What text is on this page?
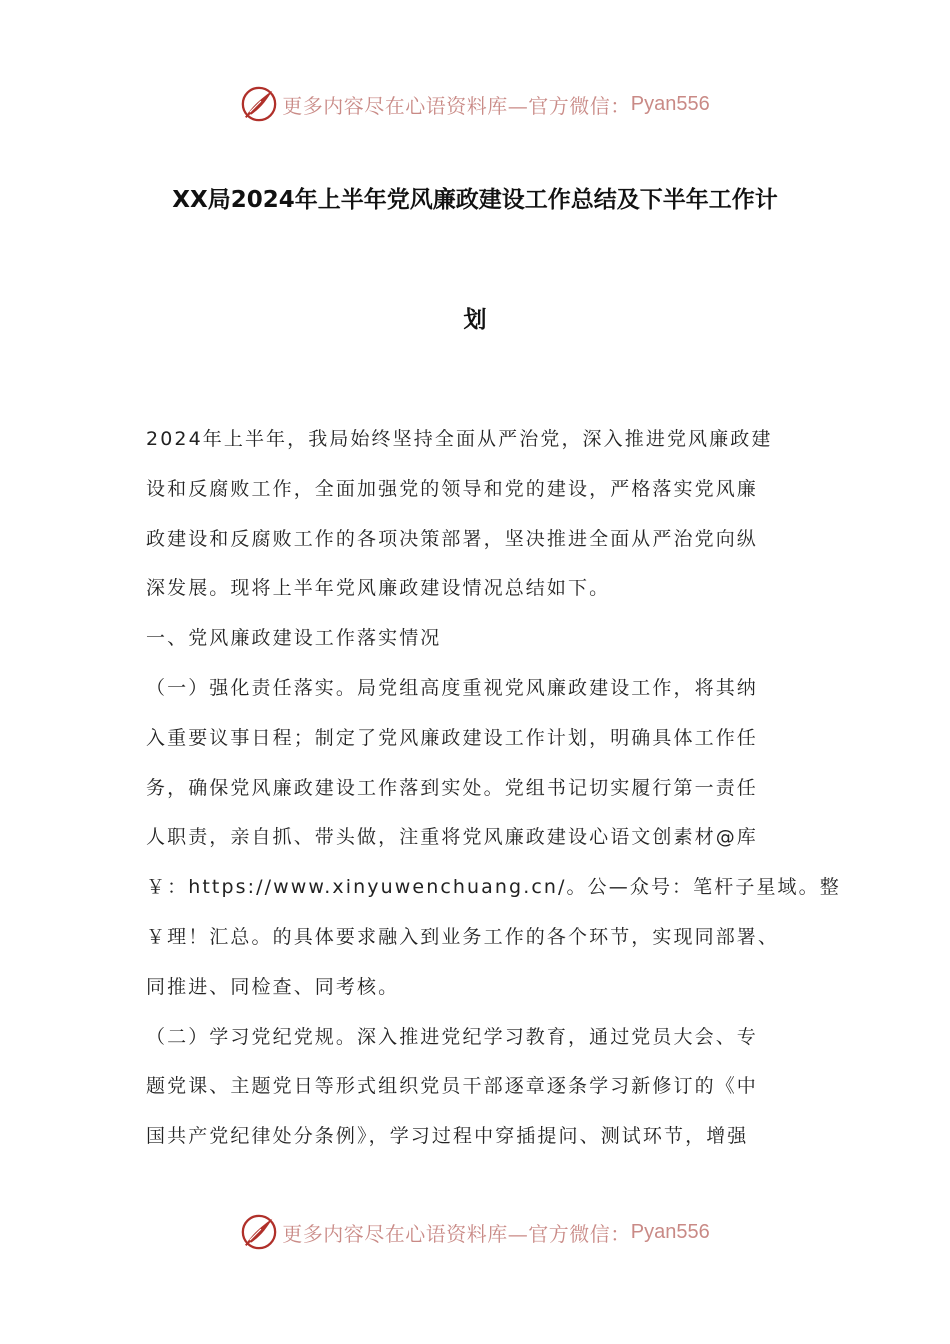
更多内容尽在心语资料库—官方微信： Pyan556
XX局2024年上半年党风廉政建设工作总结及下半年工作计
划
2024年上半年，我局始终坚持全面从严治党，深入推进党风廉政建
设和反腐败工作，全面加强党的领导和党的建设，严格落实党风廉
政建设和反腐败工作的各项决策部署，坚决推进全面从严治党向纵
深发展。现将上半年党风廉政建设情况总结如下。
一、党风廉政建设工作落实情况
（一）强化责任落实。局党组高度重视党风廉政建设工作，将其纳
入重要议事日程；制定了党风廉政建设工作计划，明确具体工作任
务，确保党风廉政建设工作落到实处。党组书记切实履行第一责任
人职责，亲自抓、带头做，注重将党风廉政建设心语文创素材@库
￥：https://www.xinyuwenchuang.cn/。公—众号：笔杆子星域。整
￥理！汇总。的具体要求融入到业务工作的各个环节，实现同部署、
同推进、同检查、同考核。
（二）学习党纪党规。深入推进党纪学习教育，通过党员大会、专
题党课、主题党日等形式组织党员干部逐章逐条学习新修订的《中
国共产党纪律处分条例》，学习过程中穿插提问、测试环节，增强
更多内容尽在心语资料库—官方微信： Pyan556
